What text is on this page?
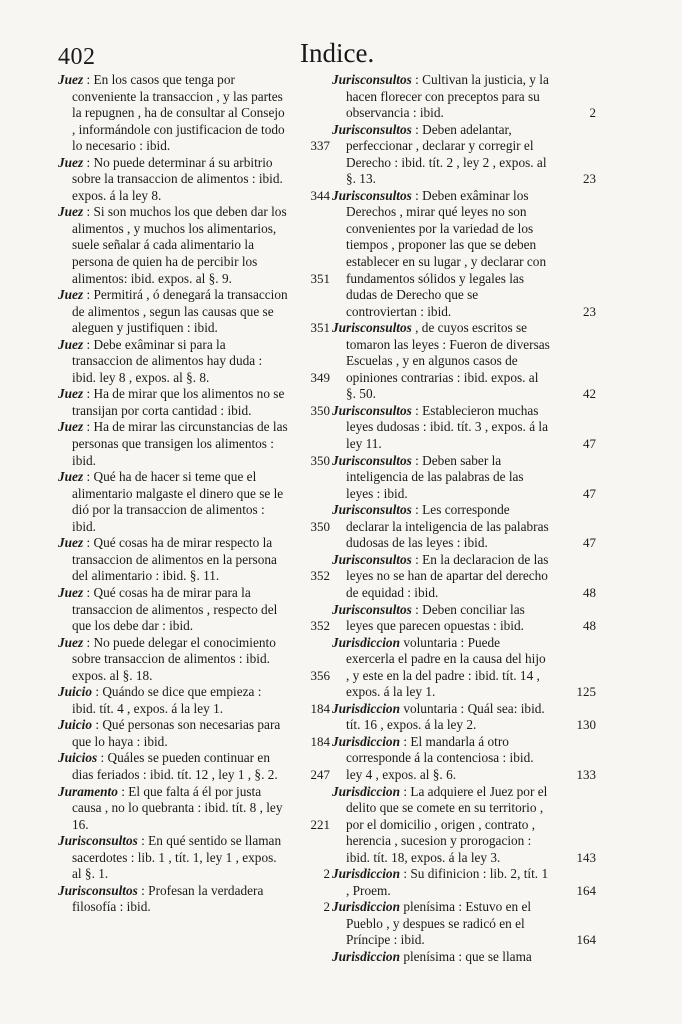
402	Indice.

Juez : En los casos que tenga por conveniente la transaccion , y las partes la repugnen , ha de consultar al Consejo , informándole con justificacion de todo lo necesario : ibid.	337

Juez : No puede determinar á su arbitrio sobre la transaccion de alimentos : ibid. expos. á la ley 8.	344

Juez : Si son muchos los que deben dar los alimentos , y muchos los alimentarios, suele señalar á cada alimentario la persona de quien ha de percibir los alimentos: ibid. expos. al §. 9.	351

Juez : Permitirá , ó denegará la transaccion de alimentos , segun las causas que se aleguen y justifiquen : ibid.	351

Juez : Debe exâminar si para la transaccion de alimentos hay duda : ibid. ley 8 , expos. al §. 8.	349

Juez : Ha de mirar que los alimentos no se transijan por corta cantidad : ibid.	350

Juez : Ha de mirar las circunstancias de las personas que transigen los alimentos : ibid.	350

Juez : Qué ha de hacer si teme que el alimentario malgaste el dinero que se le dió por la transaccion de alimentos : ibid.	350

Juez : Qué cosas ha de mirar respecto la transaccion de alimentos en la persona del alimentario : ibid. §. 11.	352

Juez : Qué cosas ha de mirar para la transaccion de alimentos , respecto del que los debe dar : ibid.	352

Juez : No puede delegar el conocimiento sobre transaccion de alimentos : ibid. expos. al §. 18.	356

Juicio : Quándo se dice que empieza : ibid. tít. 4 , expos. á la ley 1.	184

Juicio : Qué personas son necesarias para que lo haya : ibid.	184

Juicios : Quáles se pueden continuar en dias feriados : ibid. tít. 12 , ley 1 , §. 2.	247

Juramento : El que falta á él por justa causa , no lo quebranta : ibid. tít. 8 , ley 16.	221

Jurisconsultos : En qué sentido se llaman sacerdotes : lib. 1 , tít. 1, ley 1 , expos. al §. 1.	2

Jurisconsultos : Profesan la verdadera filosofía : ibid.	2

Jurisconsultos : Cultivan la justicia, y la hacen florecer con preceptos para su observancia : ibid.	2

Jurisconsultos : Deben adelantar, perfeccionar , declarar y corregir el Derecho : ibid. tít. 2 , ley 2 , expos. al §. 13.	23

Jurisconsultos : Deben exâminar los Derechos , mirar qué leyes no son convenientes por la variedad de los tiempos , proponer las que se deben establecer en su lugar , y declarar con fundamentos sólidos y legales las dudas de Derecho que se controviertan : ibid.	23

Jurisconsultos , de cuyos escritos se tomaron las leyes : Fueron de diversas Escuelas , y en algunos casos de opiniones contrarias : ibid. expos. al §. 50.	42

Jurisconsultos : Establecieron muchas leyes dudosas : ibid. tít. 3 , expos. á la ley 11.	47

Jurisconsultos : Deben saber la inteligencia de las palabras de las leyes : ibid.	47

Jurisconsultos : Les corresponde declarar la inteligencia de las palabras dudosas de las leyes : ibid.	47

Jurisconsultos : En la declaracion de las leyes no se han de apartar del derecho de equidad : ibid.	48

Jurisconsultos : Deben conciliar las leyes que parecen opuestas : ibid.	48

Jurisdiccion voluntaria : Puede exercerla el padre en la causa del hijo , y este en la del padre : ibid. tít. 14 , expos. á la ley 1.	125

Jurisdiccion voluntaria : Quál sea: ibid. tít. 16 , expos. á la ley 2.	130

Jurisdiccion : El mandarla á otro corresponde á la contenciosa : ibid. ley 4 , expos. al §. 6.	133

Jurisdiccion : La adquiere el Juez por el delito que se comete en su territorio , por el domicilio , origen , contrato , herencia , sucesion y prorogacion : ibid. tít. 18, expos. á la ley 3.	143

Jurisdiccion : Su difinicion : lib. 2, tít. 1 , Proem.	164

Jurisdiccion plenísima : Estuvo en el Pueblo , y despues se radicó en el Príncipe : ibid.	164

Jurisdiccion plenísima : que se llama
